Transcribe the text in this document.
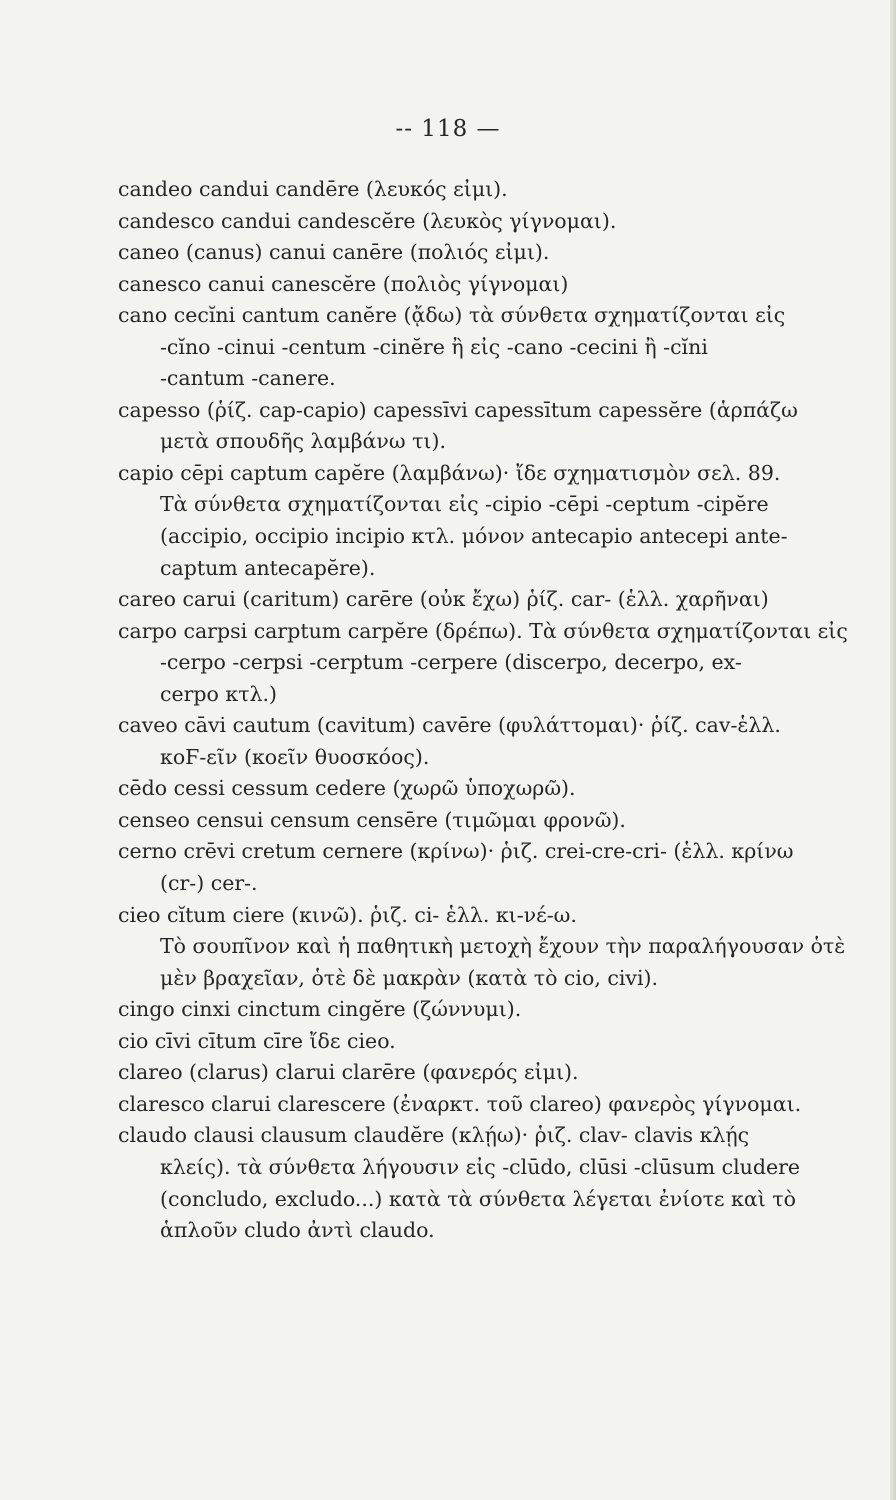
-- 118 —
candeo candui candēre (λευκός εἰμι).
candesco candui candescĕre (λευκὸς γίγνομαι).
caneo (canus) canui canēre (πολιός εἰμι).
canesco canui canescĕre (πολιὸς γίγνομαι)
cano cecĭni cantum canĕre (ᾄδω) τὰ σύνθετα σχηματίζονται εἰς
-cĭno -cinui -centum -cinĕre ἢ εἰς -cano -cecini ἢ -cĭni
-cantum -canere.
capesso (ῥίζ. cap-capio) capessīvi capessītum capessĕre (ἁρπάζω
μετὰ σπουδῆς λαμβάνω τι).
capio cēpi captum capĕre (λαμβάνω)· ἴδε σχηματισμὸν σελ. 89.
Τὰ σύνθετα σχηματίζονται εἰς -cipio -cēpi -ceptum -cipĕre
(accipio, occipio incipio κτλ. μόνον antecapio antecepi ante-
captum antecapĕre).
careo carui (caritum) carēre (οὐκ ἔχω) ῥίζ. car- (ἑλλ. χαρῆναι)
carpo carpsi carptum carpĕre (δρέπω). Τὰ σύνθετα σχηματίζονται εἰς
-cerpo -cerpsi -cerptum -cerpere (discerpo, decerpo, ex-
cerpo κτλ.)
caveo cāvi cautum (cavitum) cavēre (φυλάττομαι)· ῥίζ. cav-ἑλλ.
κοϜ-εῖν (κοεῖν θυοσκόος).
cēdo cessi cessum cedere (χωρῶ ὑποχωρῶ).
censeo censui censum censēre (τιμῶμαι φρονῶ).
cerno crēvi cretum cernere (κρίνω)· ῥιζ. crei-cre-cri- (ἑλλ. κρίνω
(cr-) cer-.
cieo cĭtum ciere (κινῶ). ῥιζ. ci- ἑλλ. κι-νέ-ω.
Τὸ σουπῖνον καὶ ἡ παθητικὴ μετοχὴ ἔχουν τὴν παραλήγουσαν ὁτὲ
μὲν βραχεῖαν, ὁτὲ δὲ μακρὰν (κατὰ τὸ cio, civi).
cingo cinxi cinctum cingĕre (ζώννυμι).
cio cīvi cītum cīre ἴδε cieo.
clareo (clarus) clarui clarēre (φανερός εἰμι).
claresco clarui clarescere (ἐναρκτ. τοῦ clareo) φανερὸς γίγνομαι.
claudo clausi clausum claudĕre (κλῄω)· ῥιζ. clav- clavis κλῄς
κλείς). τὰ σύνθετα λήγουσιν εἰς -clūdo, clūsi -clūsum cludere
(concludo, excludo...) κατὰ τὰ σύνθετα λέγεται ἐνίοτε καὶ τὸ
ἁπλοῦν cludo ἀντὶ claudo.
